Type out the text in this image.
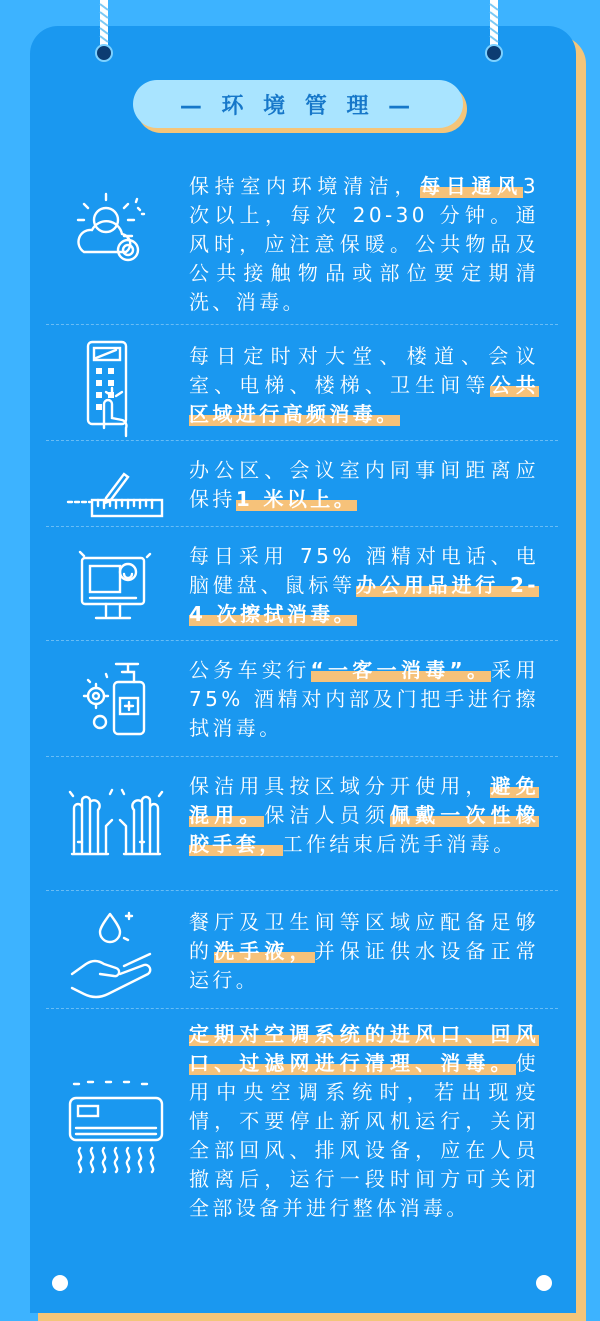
— 环 境 管 理 —
保持室内环境清洁，每日通风3 次以上，每次 20-30 分钟。通风时，应注意保暖。公共物品及公共接触物品或部位要定期清洗、消毒。
每日定时对大堂、楼道、会议室、电梯、楼梯、卫生间等公共区域进行高频消毒。
办公区、会议室内同事间距离应保持1 米以上。
每日采用 75% 酒精对电话、电脑健盘、鼠标等办公用品进行 2-4 次擦拭消毒。
公务车实行“一客一消毒”。采用 75% 酒精对内部及门把手进行擦拭消毒。
保洁用具按区域分开使用，避免混用。保洁人员须佩戴一次性橡胶手套，工作结束后洗手消毒。
餐厅及卫生间等区域应配备足够的洗手液，并保证供水设备正常运行。
定期对空调系统的进风口、回风口、过滤网进行清理、消毒。使用中央空调系统时，若出现疫情，不要停止新风机运行，关闭全部回风、排风设备，应在人员撤离后，运行一段时间方可关闭全部设备并进行整体消毒。
